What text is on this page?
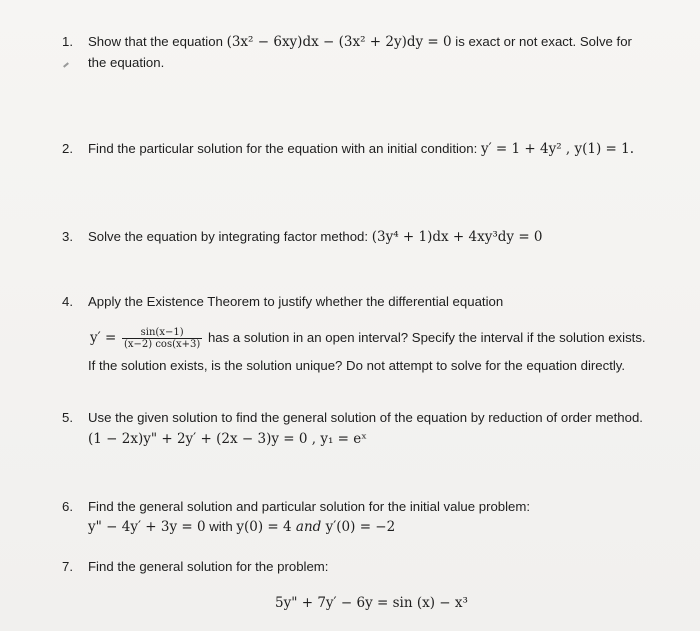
1. Show that the equation (3x² − 6xy)dx − (3x² + 2y)dy = 0 is exact or not exact. Solve for
the equation.
2. Find the particular solution for the equation with an initial condition: y′ = 1 + 4y² , y(1) = 1.
3. Solve the equation by integrating factor method: (3y⁴ + 1)dx + 4xy³dy = 0
4. Apply the Existence Theorem to justify whether the differential equation
$y' = \frac{\sin(x-1)}{(x-2) \cos(x+3)}$ has a solution in an open interval? Specify the interval if the solution exists.
If the solution exists, is the solution unique? Do not attempt to solve for the equation directly.
5. Use the given solution to find the general solution of the equation by reduction of order method.
(1 − 2x)y" + 2y′ + (2x − 3)y = 0 , y₁ = eˣ
6. Find the general solution and particular solution for the initial value problem:
y" − 4y′ + 3y = 0 with y(0) = 4 and y′(0) = −2
7. Find the general solution for the problem:
5y" + 7y′ − 6y = sin (x) − x³
